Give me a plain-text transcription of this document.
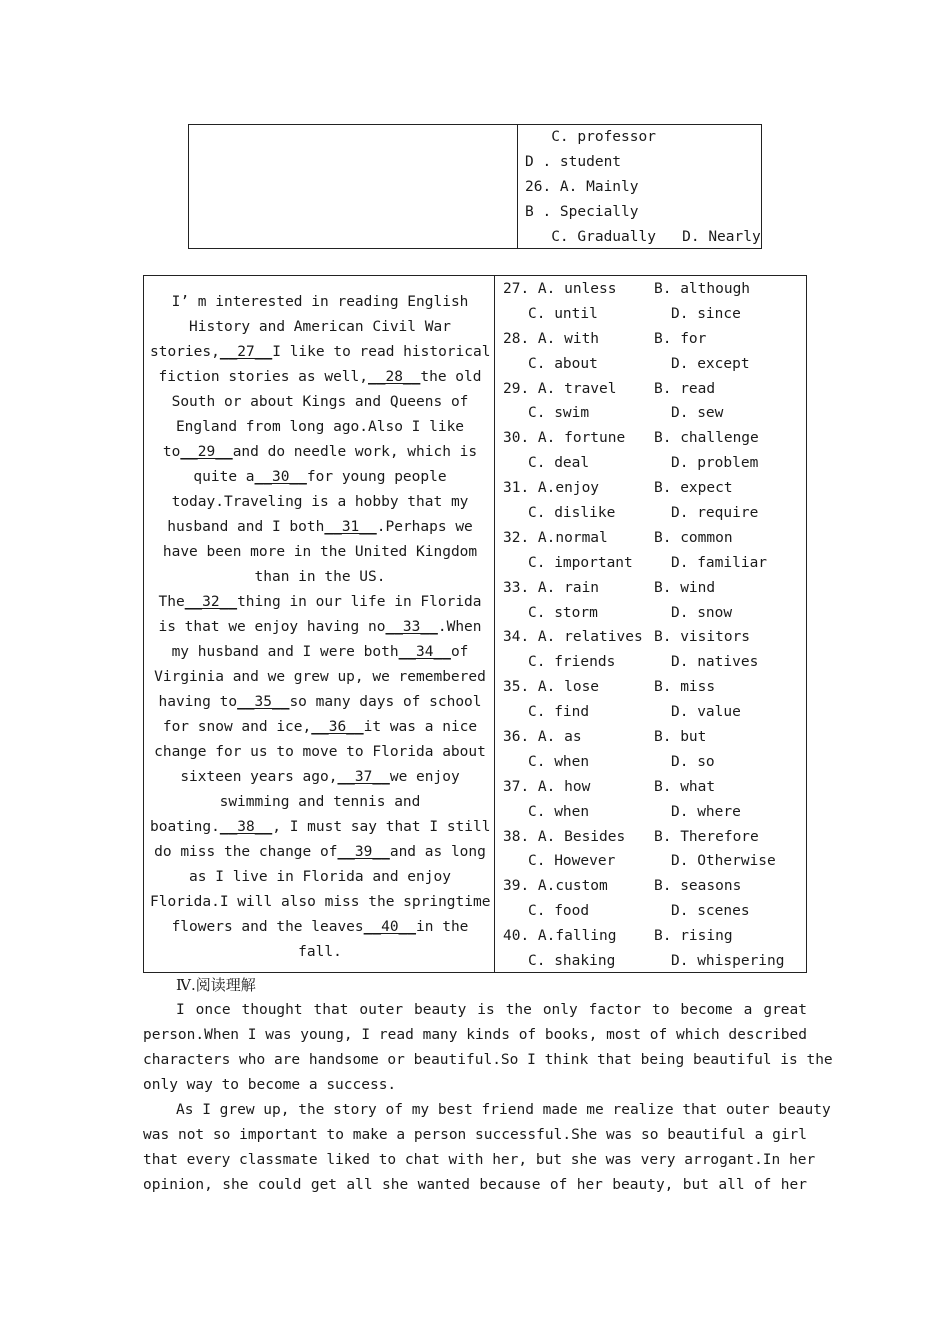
C. professor
D . student
26. A. Mainly
B . Specially
C. Gradually   D. Nearly
I’ m interested in reading English
History and American Civil War
stories,__27__I like to read historical
fiction stories as well,__28__the old
South or about Kings and Queens of
England from long ago.Also I like
to__29__and do needle work, which is
quite a__30__for young people
today.Traveling is a hobby that my
husband and I both__31__.Perhaps we
have been more in the United Kingdom
than in the US.
The__32__thing in our life in Florida
is that we enjoy having no__33__.When
my husband and I were both__34__of
Virginia and we grew up, we remembered
having to__35__so many days of school
for snow and ice,__36__it was a nice
change for us to move to Florida about
sixteen years ago,__37__we enjoy
swimming and tennis and
boating.__38__, I must say that I still
do miss the change of__39__and as long
as I live in Florida and enjoy
Florida.I will also miss the springtime
flowers and the leaves__40__in the
fall.
27. A. unless	B. although
C. until	D. since
28. A. with	B. for
C. about	D. except
29. A. travel	B. read
C. swim	D. sew
30. A. fortune B. challenge
C. deal	D. problem
31. A.enjoy	B. expect
C. dislike	D. require
32. A.normal	B. common
C. important	D. familiar
33. A. rain	B. wind
C. storm	D. snow
34. A. relatives B. visitors
C. friends	D. natives
35. A. lose	B. miss
C. find	D. value
36. A. as	B. but
C. when	D. so
37. A. how	B. what
C. when	D. where
38. A. Besides B. Therefore
C. However	D. Otherwise
39. A.custom	B. seasons
C. food	D. scenes
40. A.falling	B. rising
C. shaking	D. whispering
Ⅳ.阅读理解
I once thought that outer beauty is the only factor to become a great
person.When I was young, I read many kinds of books, most of which described
characters who are handsome or beautiful.So I think that being beautiful is the
only way to become a success.
As I grew up, the story of my best friend made me realize that outer beauty
was not so important to make a person successful.She was so beautiful a girl
that every classmate liked to chat with her, but she was very arrogant.In her
opinion, she could get all she wanted because of her beauty, but all of her
